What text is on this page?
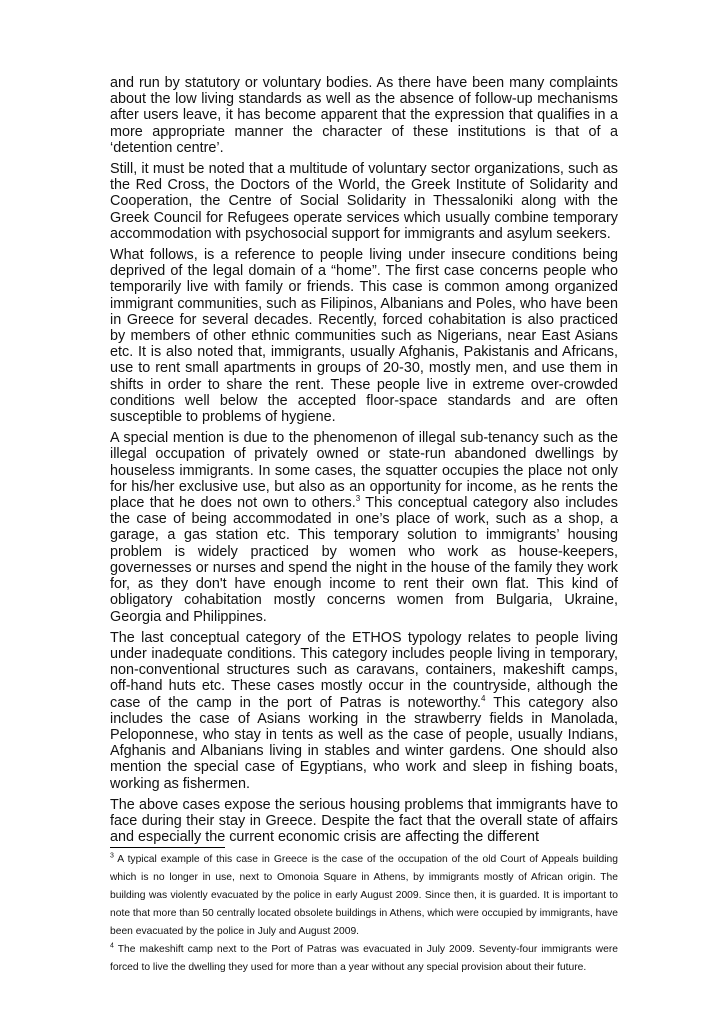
and run by statutory or voluntary bodies. As there have been many complaints about the low living standards as well as the absence of follow-up mechanisms after users leave, it has become apparent that the expression that qualifies in a more appropriate manner the character of these institutions is that of a ‘detention centre’.

Still, it must be noted that a multitude of voluntary sector organizations, such as the Red Cross, the Doctors of the World, the Greek Institute of Solidarity and Cooperation, the Centre of Social Solidarity in Thessaloniki along with the Greek Council for Refugees operate services which usually combine temporary accommodation with psychosocial support for immigrants and asylum seekers.

What follows, is a reference to people living under insecure conditions being deprived of the legal domain of a “home”. The first case concerns people who temporarily live with family or friends. This case is common among organized immigrant communities, such as Filipinos, Albanians and Poles, who have been in Greece for several decades. Recently, forced cohabitation is also practiced by members of other ethnic communities such as Nigerians, near East Asians etc. It is also noted that, immigrants, usually Afghanis, Pakistanis and Africans, use to rent small apartments in groups of 20-30, mostly men, and use them in shifts in order to share the rent. These people live in extreme over-crowded conditions well below the accepted floor-space standards and are often susceptible to problems of hygiene.

A special mention is due to the phenomenon of illegal sub-tenancy such as the illegal occupation of privately owned or state-run abandoned dwellings by houseless immigrants. In some cases, the squatter occupies the place not only for his/her exclusive use, but also as an opportunity for income, as he rents the place that he does not own to others.$^3$ This conceptual category also includes the case of being accommodated in one’s place of work, such as a shop, a garage, a gas station etc. This temporary solution to immigrants’ housing problem is widely practiced by women who work as house-keepers, governesses or nurses and spend the night in the house of the family they work for, as they don't have enough income to rent their own flat. This kind of obligatory cohabitation mostly concerns women from Bulgaria, Ukraine, Georgia and Philippines.

The last conceptual category of the ETHOS typology relates to people living under inadequate conditions. This category includes people living in temporary, non-conventional structures such as caravans, containers, makeshift camps, off-hand huts etc. These cases mostly occur in the countryside, although the case of the camp in the port of Patras is noteworthy.$^4$ This category also includes the case of Asians working in the strawberry fields in Manolada, Peloponnese, who stay in tents as well as the case of people, usually Indians, Afghanis and Albanians living in stables and winter gardens. One should also mention the special case of Egyptians, who work and sleep in fishing boats, working as fishermen.

The above cases expose the serious housing problems that immigrants have to face during their stay in Greece. Despite the fact that the overall state of affairs and especially the current economic crisis are affecting the different

$^3$ A typical example of this case in Greece is the case of the occupation of the old Court of Appeals building which is no longer in use, next to Omonoia Square in Athens, by immigrants mostly of African origin. The building was violently evacuated by the police in early August 2009. Since then, it is guarded. It is important to note that more than 50 centrally located obsolete buildings in Athens, which were occupied by immigrants, have been evacuated by the police in July and August 2009.

$^4$ The makeshift camp next to the Port of Patras was evacuated in July 2009. Seventy-four immigrants were forced to live the dwelling they used for more than a year without any special provision about their future.
